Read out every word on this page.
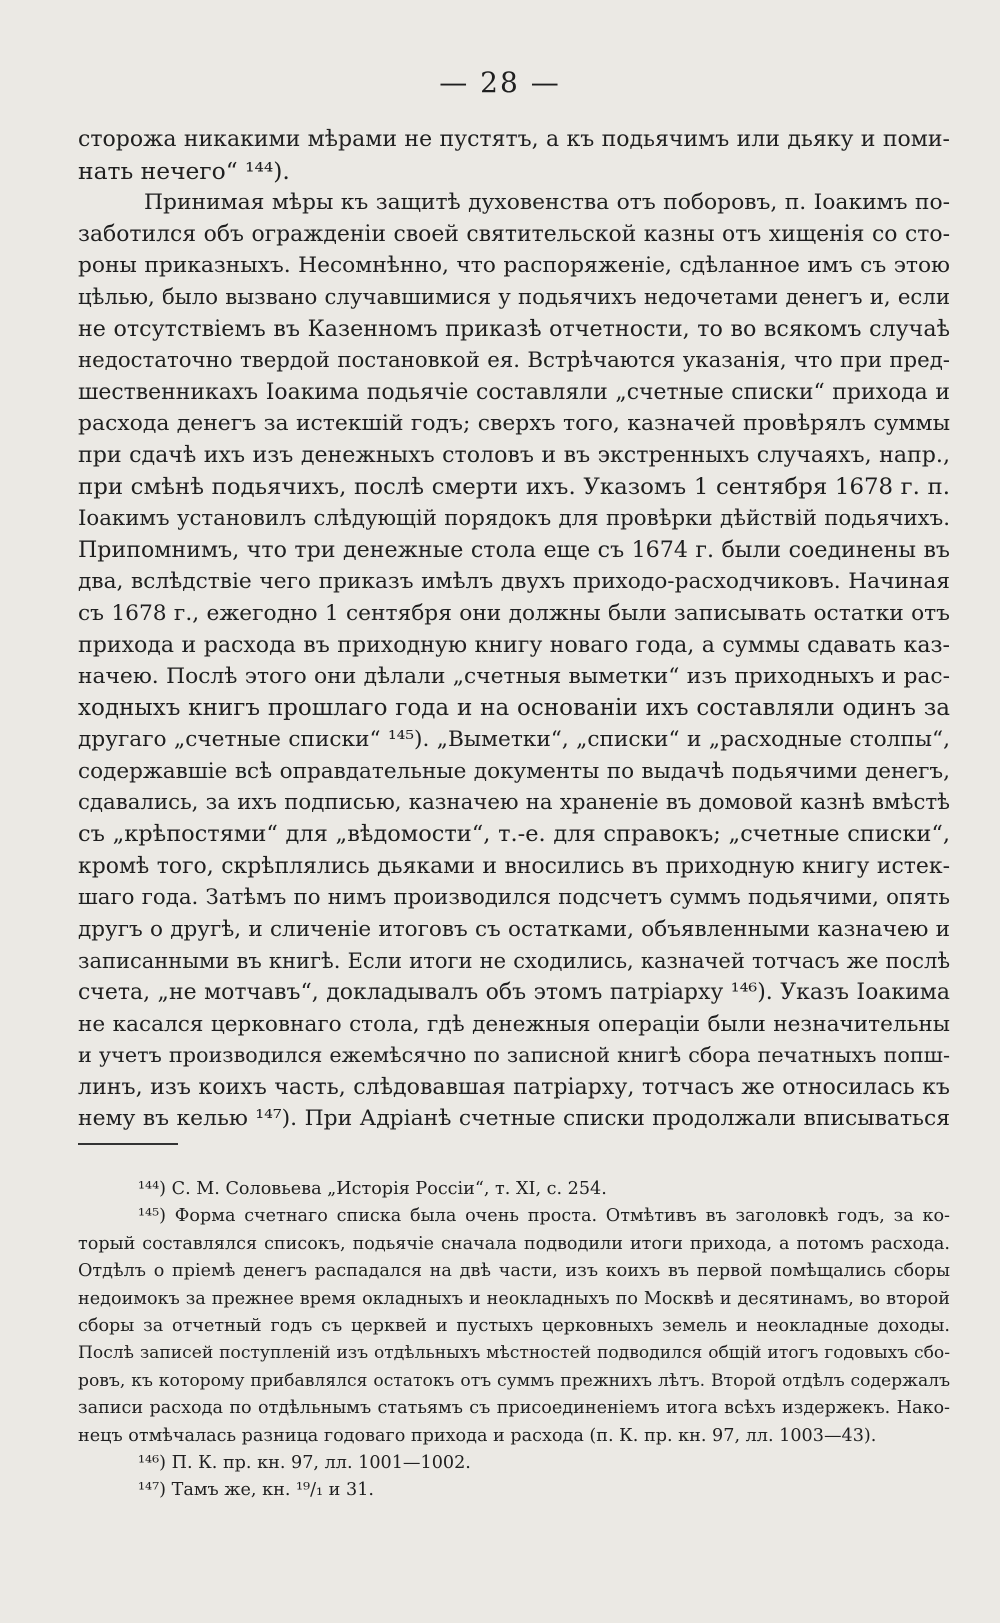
— 28 —

сторожа никакими мѣрами не пустятъ, а къ подьячимъ или дьяку и поми-

нать нечего“ ¹⁴⁴).

Принимая мѣры къ защитѣ духовенства отъ поборовъ, п. Іоакимъ по-

заботился объ огражденіи своей святительской казны отъ хищенія со сто-

роны приказныхъ. Несомнѣнно, что распоряженіе, сдѣланное имъ съ этою

цѣлью, было вызвано случавшимися у подьячихъ недочетами денегъ и, если

не отсутствіемъ въ Казенномъ приказѣ отчетности, то во всякомъ случаѣ

недостаточно твердой постановкой ея. Встрѣчаются указанія, что при пред-

шественникахъ Іоакима подьячіе составляли „счетные списки“ прихода и

расхода денегъ за истекшій годъ; сверхъ того, казначей провѣрялъ суммы

при сдачѣ ихъ изъ денежныхъ столовъ и въ экстренныхъ случаяхъ, напр.,

при смѣнѣ подьячихъ, послѣ смерти ихъ. Указомъ 1 сентября 1678 г. п.

Іоакимъ установилъ слѣдующій порядокъ для провѣрки дѣйствій подьячихъ.

Припомнимъ, что три денежные стола еще съ 1674 г. были соединены въ

два, вслѣдствіе чего приказъ имѣлъ двухъ приходо-расходчиковъ. Начиная

съ 1678 г., ежегодно 1 сентября они должны были записывать остатки отъ

прихода и расхода въ приходную книгу новаго года, а суммы сдавать каз-

начею. Послѣ этого они дѣлали „счетныя выметки“ изъ приходныхъ и рас-

ходныхъ книгъ прошлаго года и на основаніи ихъ составляли одинъ за

другаго „счетные списки“ ¹⁴⁵). „Выметки“, „списки“ и „расходные столпы“,

содержавшіе всѣ оправдательные документы по выдачѣ подьячими денегъ,

сдавались, за ихъ подписью, казначею на храненіе въ домовой казнѣ вмѣстѣ

съ „крѣпостями“ для „вѣдомости“, т.-е. для справокъ; „счетные списки“,

кромѣ того, скрѣплялись дьяками и вносились въ приходную книгу истек-

шаго года. Затѣмъ по нимъ производился подсчетъ суммъ подьячими, опять

другъ о другѣ, и сличеніе итоговъ съ остатками, объявленными казначею и

записанными въ книгѣ. Если итоги не сходились, казначей тотчасъ же послѣ

счета, „не мотчавъ“, докладывалъ объ этомъ патріарху ¹⁴⁶). Указъ Іоакима

не касался церковнаго стола, гдѣ денежныя операціи были незначительны

и учетъ производился ежемѣсячно по записной книгѣ сбора печатныхъ попш-

линъ, изъ коихъ часть, слѣдовавшая патріарху, тотчасъ же относилась къ

нему въ келью ¹⁴⁷). При Адріанѣ счетные списки продолжали вписываться

¹⁴⁴) С. М. Соловьева „Исторія Россіи“, т. XI, с. 254.

¹⁴⁵) Форма счетнаго списка была очень проста. Отмѣтивъ въ заголовкѣ годъ, за ко-

торый составлялся списокъ, подьячіе сначала подводили итоги прихода, а потомъ расхода.

Отдѣлъ о пріемѣ денегъ распадался на двѣ части, изъ коихъ въ первой помѣщались сборы

недоимокъ за прежнее время окладныхъ и неокладныхъ по Москвѣ и десятинамъ, во второй

сборы за отчетный годъ съ церквей и пустыхъ церковныхъ земель и неокладные доходы.

Послѣ записей поступленій изъ отдѣльныхъ мѣстностей подводился общій итогъ годовыхъ сбо-

ровъ, къ которому прибавлялся остатокъ отъ суммъ прежнихъ лѣтъ. Второй отдѣлъ содержалъ

записи расхода по отдѣльнымъ статьямъ съ присоединеніемъ итога всѣхъ издержекъ. Нако-

нецъ отмѣчалась разница годоваго прихода и расхода (п. К. пр. кн. 97, лл. 1003—43).

¹⁴⁶) П. К. пр. кн. 97, лл. 1001—1002.

¹⁴⁷) Тамъ же, кн. ¹⁹/₁ и 31.
